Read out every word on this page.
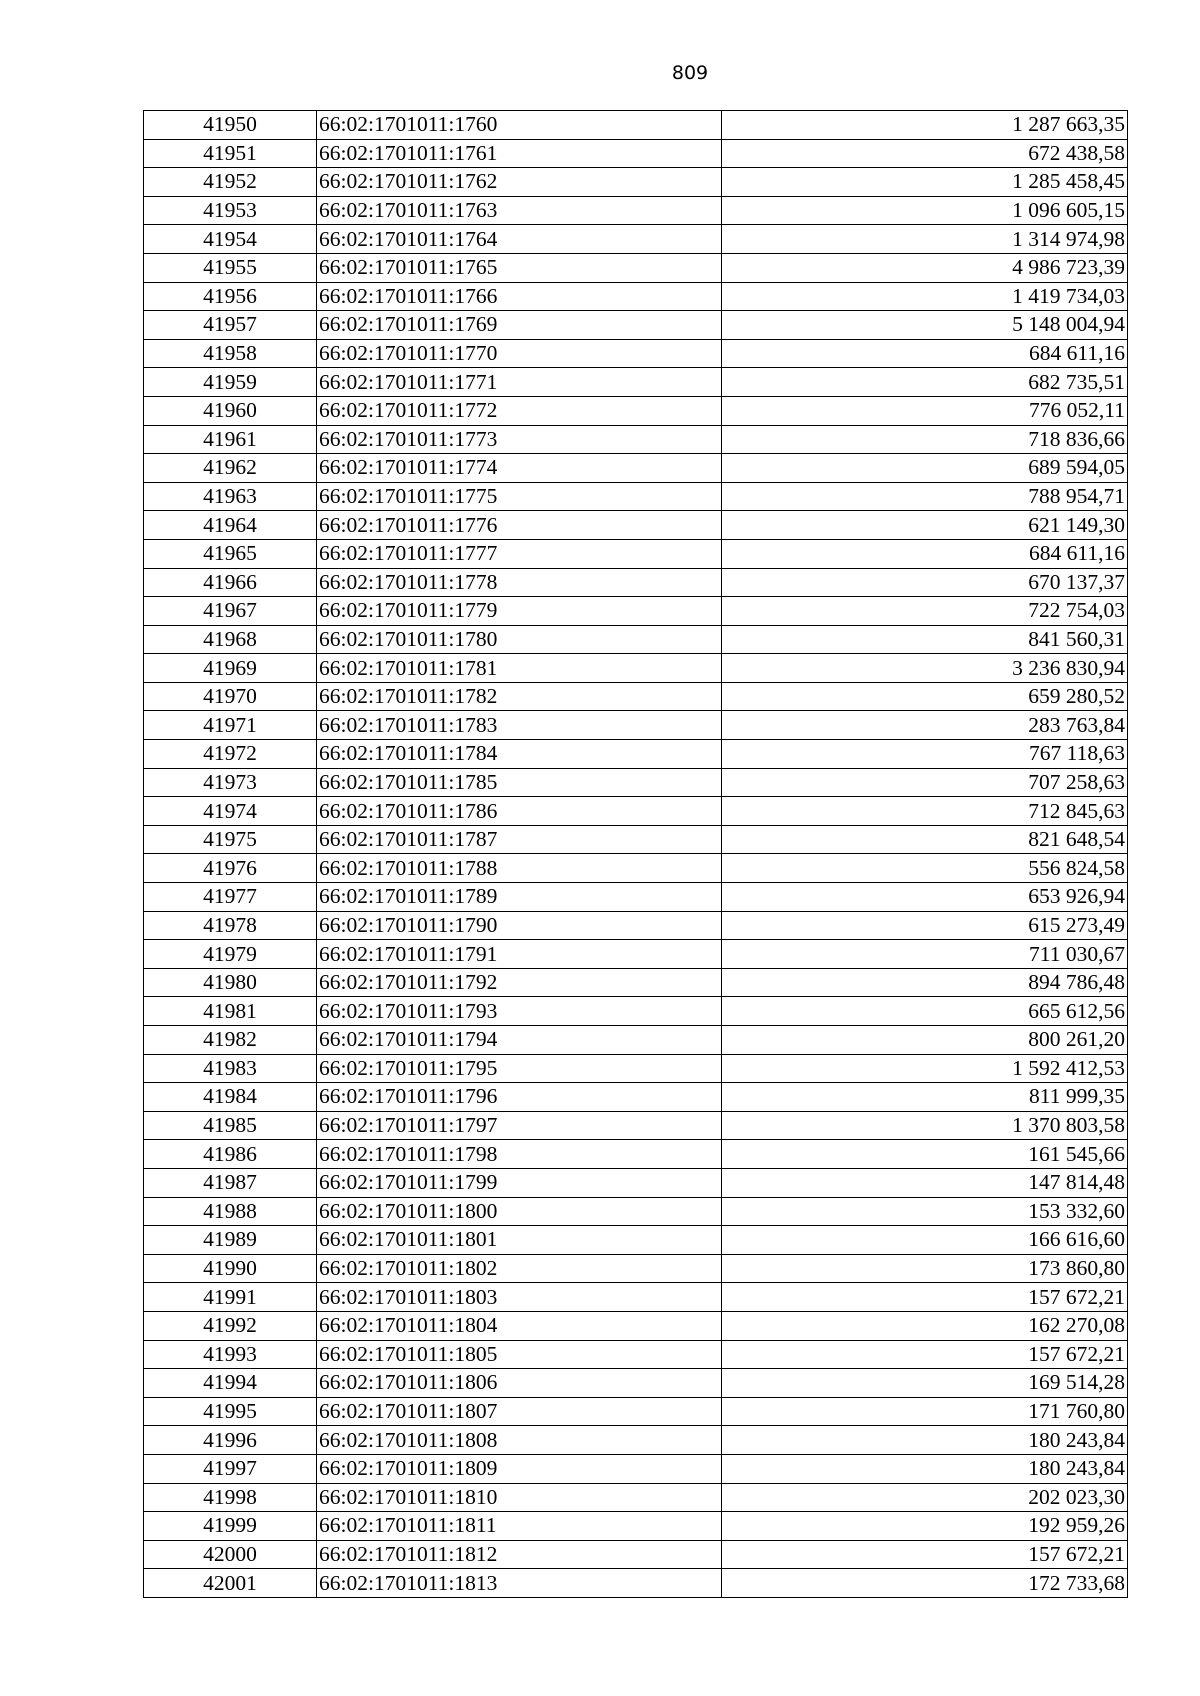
809
41950	66:02:1701011:1760	1 287 663,35
41951	66:02:1701011:1761	672 438,58
41952	66:02:1701011:1762	1 285 458,45
41953	66:02:1701011:1763	1 096 605,15
41954	66:02:1701011:1764	1 314 974,98
41955	66:02:1701011:1765	4 986 723,39
41956	66:02:1701011:1766	1 419 734,03
41957	66:02:1701011:1769	5 148 004,94
41958	66:02:1701011:1770	684 611,16
41959	66:02:1701011:1771	682 735,51
41960	66:02:1701011:1772	776 052,11
41961	66:02:1701011:1773	718 836,66
41962	66:02:1701011:1774	689 594,05
41963	66:02:1701011:1775	788 954,71
41964	66:02:1701011:1776	621 149,30
41965	66:02:1701011:1777	684 611,16
41966	66:02:1701011:1778	670 137,37
41967	66:02:1701011:1779	722 754,03
41968	66:02:1701011:1780	841 560,31
41969	66:02:1701011:1781	3 236 830,94
41970	66:02:1701011:1782	659 280,52
41971	66:02:1701011:1783	283 763,84
41972	66:02:1701011:1784	767 118,63
41973	66:02:1701011:1785	707 258,63
41974	66:02:1701011:1786	712 845,63
41975	66:02:1701011:1787	821 648,54
41976	66:02:1701011:1788	556 824,58
41977	66:02:1701011:1789	653 926,94
41978	66:02:1701011:1790	615 273,49
41979	66:02:1701011:1791	711 030,67
41980	66:02:1701011:1792	894 786,48
41981	66:02:1701011:1793	665 612,56
41982	66:02:1701011:1794	800 261,20
41983	66:02:1701011:1795	1 592 412,53
41984	66:02:1701011:1796	811 999,35
41985	66:02:1701011:1797	1 370 803,58
41986	66:02:1701011:1798	161 545,66
41987	66:02:1701011:1799	147 814,48
41988	66:02:1701011:1800	153 332,60
41989	66:02:1701011:1801	166 616,60
41990	66:02:1701011:1802	173 860,80
41991	66:02:1701011:1803	157 672,21
41992	66:02:1701011:1804	162 270,08
41993	66:02:1701011:1805	157 672,21
41994	66:02:1701011:1806	169 514,28
41995	66:02:1701011:1807	171 760,80
41996	66:02:1701011:1808	180 243,84
41997	66:02:1701011:1809	180 243,84
41998	66:02:1701011:1810	202 023,30
41999	66:02:1701011:1811	192 959,26
42000	66:02:1701011:1812	157 672,21
42001	66:02:1701011:1813	172 733,68
